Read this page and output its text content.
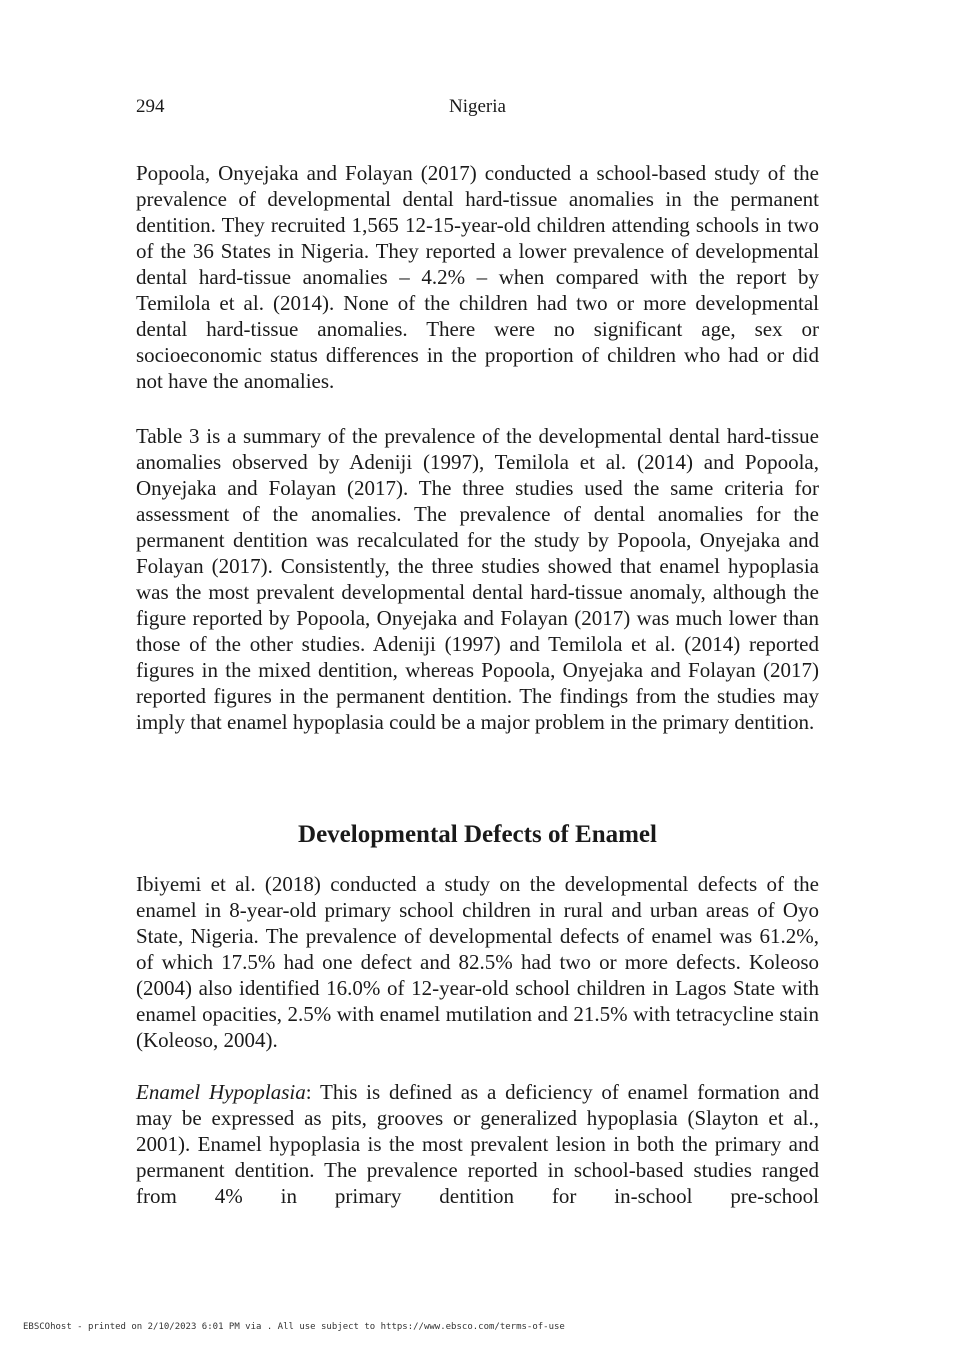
294	Nigeria

Popoola, Onyejaka and Folayan (2017) conducted a school-based study of the prevalence of developmental dental hard-tissue anomalies in the permanent dentition. They recruited 1,565 12-15-year-old children attending schools in two of the 36 States in Nigeria. They reported a lower prevalence of developmental dental hard-tissue anomalies – 4.2% – when compared with the report by Temilola et al. (2014). None of the children had two or more developmental dental hard-tissue anomalies. There were no significant age, sex or socioeconomic status differences in the proportion of children who had or did not have the anomalies.

Table 3 is a summary of the prevalence of the developmental dental hard-tissue anomalies observed by Adeniji (1997), Temilola et al. (2014) and Popoola, Onyejaka and Folayan (2017). The three studies used the same criteria for assessment of the anomalies. The prevalence of dental anomalies for the permanent dentition was recalculated for the study by Popoola, Onyejaka and Folayan (2017). Consistently, the three studies showed that enamel hypoplasia was the most prevalent developmental dental hard-tissue anomaly, although the figure reported by Popoola, Onyejaka and Folayan (2017) was much lower than those of the other studies. Adeniji (1997) and Temilola et al. (2014) reported figures in the mixed dentition, whereas Popoola, Onyejaka and Folayan (2017) reported figures in the permanent dentition. The findings from the studies may imply that enamel hypoplasia could be a major problem in the primary dentition.

Developmental Defects of Enamel

Ibiyemi et al. (2018) conducted a study on the developmental defects of the enamel in 8-year-old primary school children in rural and urban areas of Oyo State, Nigeria. The prevalence of developmental defects of enamel was 61.2%, of which 17.5% had one defect and 82.5% had two or more defects. Koleoso (2004) also identified 16.0% of 12-year-old school children in Lagos State with enamel opacities, 2.5% with enamel mutilation and 21.5% with tetracycline stain (Koleoso, 2004).

Enamel Hypoplasia: This is defined as a deficiency of enamel formation and may be expressed as pits, grooves or generalized hypoplasia (Slayton et al., 2001). Enamel hypoplasia is the most prevalent lesion in both the primary and permanent dentition. The prevalence reported in school-based studies ranged from 4% in primary dentition for in-school pre-school

EBSCOhost - printed on 2/10/2023 6:01 PM via . All use subject to https://www.ebsco.com/terms-of-use
